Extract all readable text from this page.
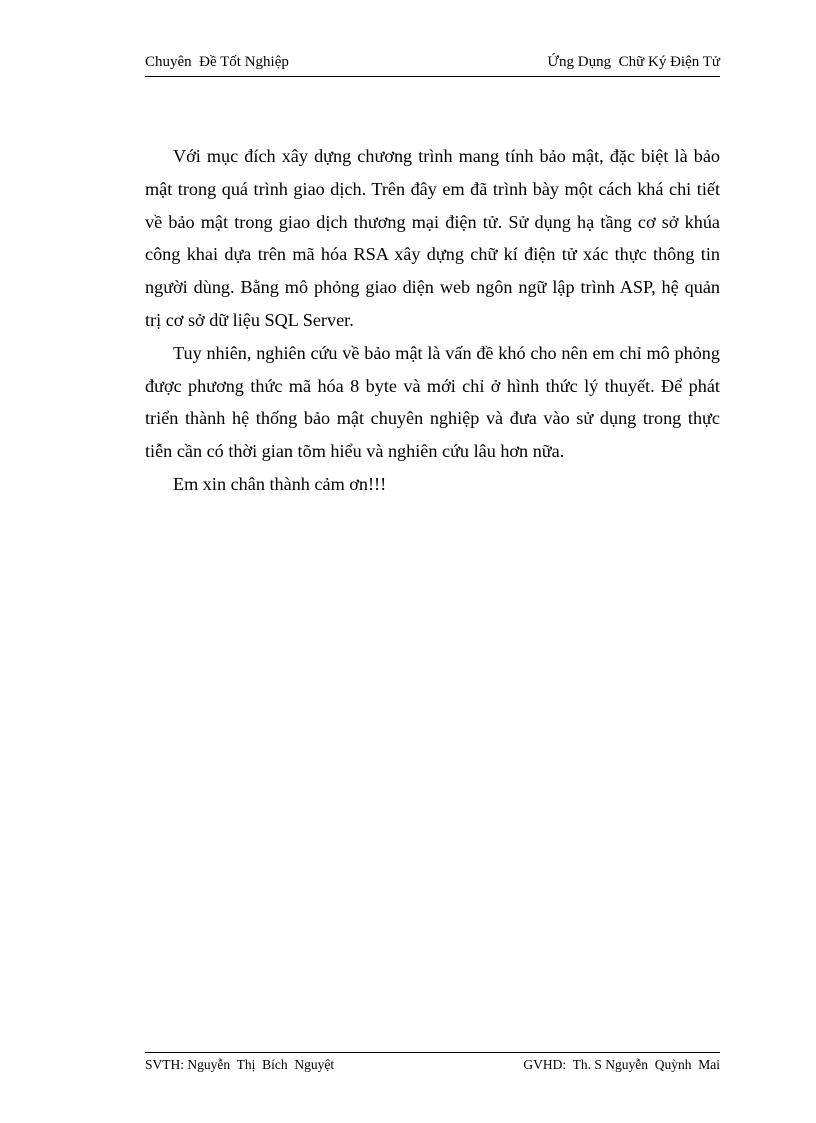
Chuyên  Đề Tốt Nghiệp	Ứng Dụng  Chữ Ký Điện Tử

Với mục đích xây dựng chương trình mang tính bảo mật, đặc biệt là bảo mật trong quá trình giao dịch. Trên đây em đã trình bày một cách khá chi tiết về bảo mật trong giao dịch thương mại điện tử. Sử dụng hạ tầng cơ sở khúa công khai dựa trên mã hóa RSA xây dựng chữ kí điện tử xác thực thông tin người dùng. Bằng mô phỏng giao diện web ngôn ngữ lập trình ASP, hệ quản trị cơ sở dữ liệu SQL Server.

Tuy nhiên, nghiên cứu về bảo mật là vấn đề khó cho nên em chỉ mô phỏng được phương thức mã hóa 8 byte và mới chỉ ở hình thức lý thuyết. Để phát triển thành hệ thống bảo mật chuyên nghiệp và đưa vào sử dụng trong thực tiễn cần có thời gian tõm hiểu và nghiên cứu lâu hơn nữa.

Em xin chân thành cảm ơn!!!

SVTH: Nguyễn  Thị  Bích  Nguyệt	GVHD:  Th. S Nguyễn  Quỳnh  Mai
